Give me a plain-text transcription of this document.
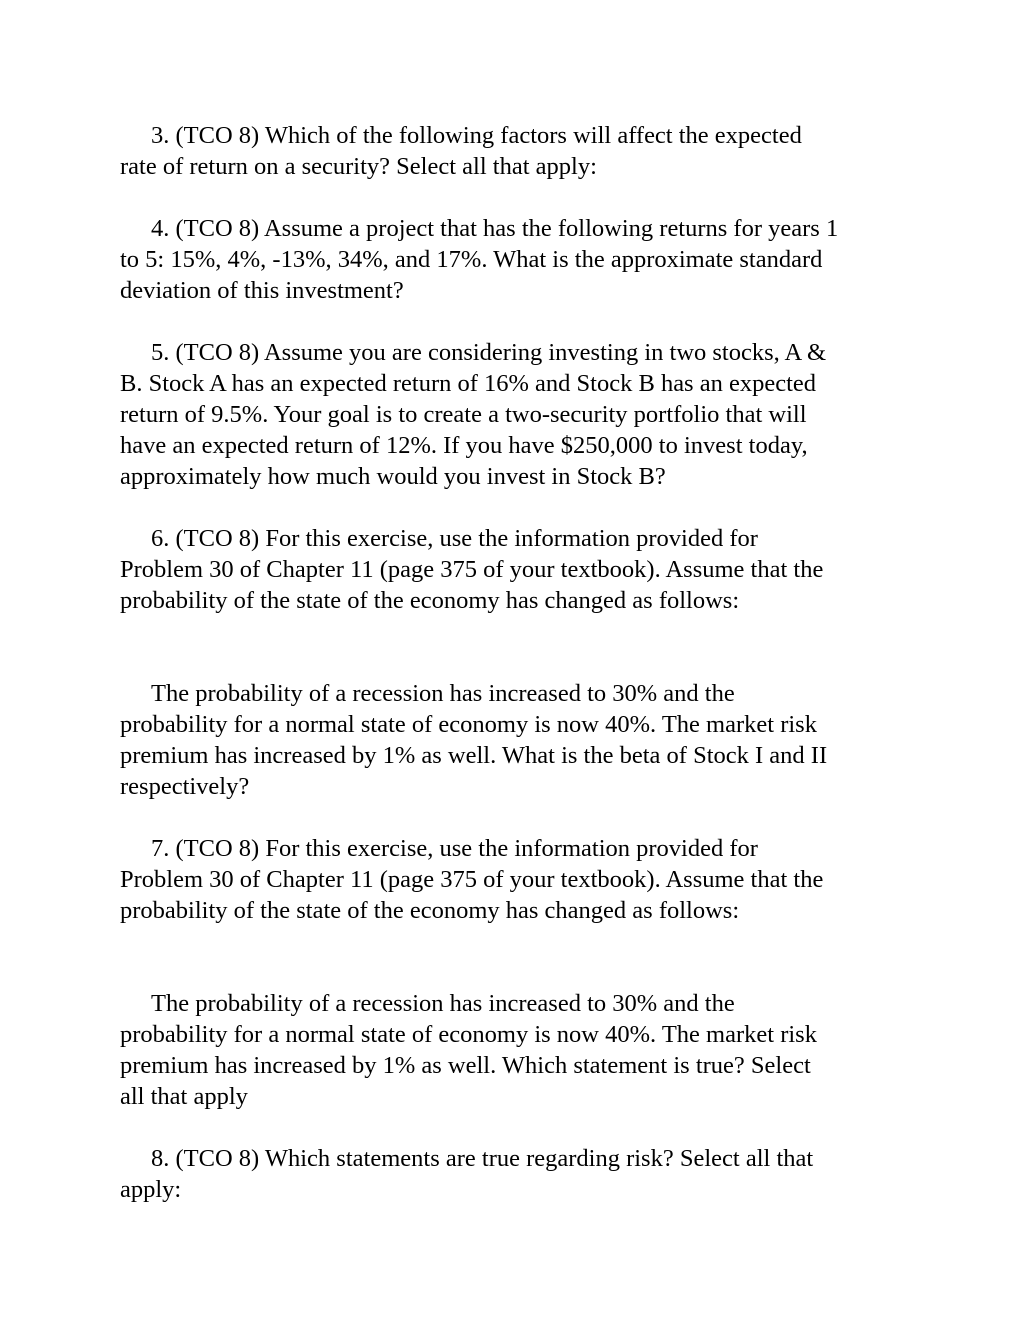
3. (TCO 8) Which of the following factors will affect the expected
rate of return on a security? Select all that apply:

4. (TCO 8) Assume a project that has the following returns for years 1
to 5: 15%, 4%, -13%, 34%, and 17%. What is the approximate standard
deviation of this investment?

5. (TCO 8) Assume you are considering investing in two stocks, A &
B. Stock A has an expected return of 16% and Stock B has an expected
return of 9.5%. Your goal is to create a two-security portfolio that will
have an expected return of 12%. If you have $250,000 to invest today,
approximately how much would you invest in Stock B?

6. (TCO 8) For this exercise, use the information provided for
Problem 30 of Chapter 11 (page 375 of your textbook). Assume that the
probability of the state of the economy has changed as follows:

The probability of a recession has increased to 30% and the
probability for a normal state of economy is now 40%. The market risk
premium has increased by 1% as well. What is the beta of Stock I and II
respectively?

7. (TCO 8) For this exercise, use the information provided for
Problem 30 of Chapter 11 (page 375 of your textbook). Assume that the
probability of the state of the economy has changed as follows:

The probability of a recession has increased to 30% and the
probability for a normal state of economy is now 40%. The market risk
premium has increased by 1% as well. Which statement is true? Select
all that apply

8. (TCO 8) Which statements are true regarding risk? Select all that
apply:
